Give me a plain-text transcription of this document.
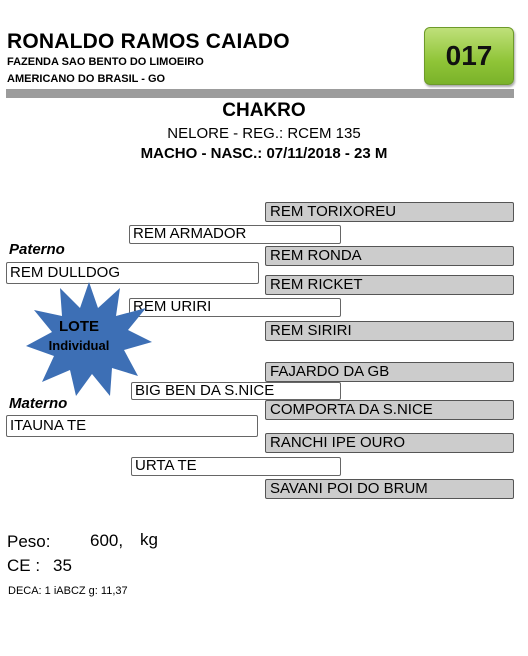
RONALDO RAMOS CAIADO
FAZENDA SAO BENTO DO LIMOEIRO
AMERICANO DO BRASIL - GO
017
CHAKRO
NELORE - REG.: RCEM 135
MACHO - NASC.: 07/11/2018 - 23 M
REM TORIXOREU
REM RONDA
REM RICKET
REM SIRIRI
FAJARDO DA GB
COMPORTA DA S.NICE
RANCHI IPE OURO
SAVANI POI DO BRUM
REM ARMADOR
REM URIRI
BIG BEN DA S.NICE
URTA TE
Paterno
REM DULLDOG
Materno
ITAUNA TE
LOTE
Individual
Peso: 600, kg
CE : 35
DECA: 1 iABCZ g: 11,37
